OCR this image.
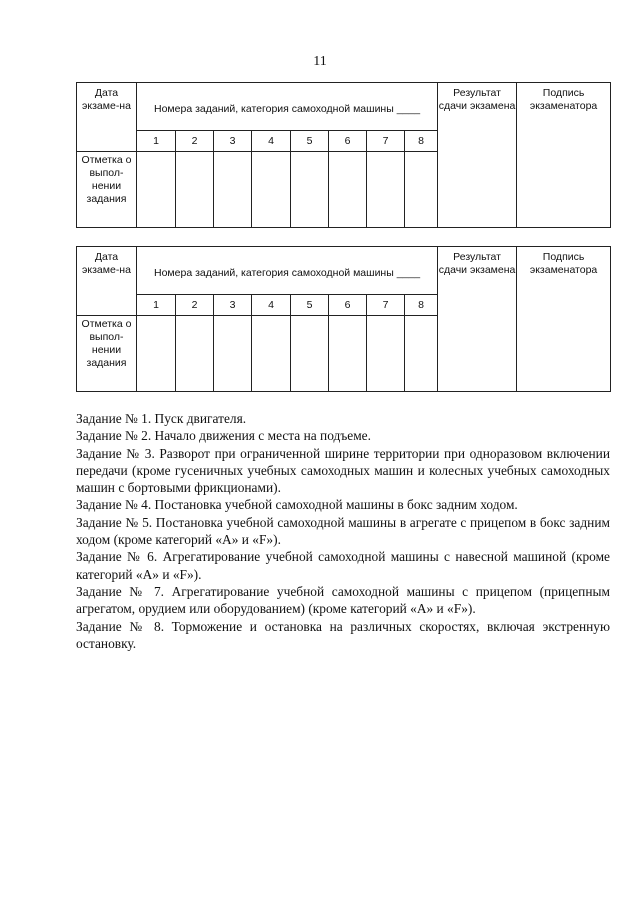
11
Дата экзаме-на	Номера заданий, категория самоходной машины ____								Результат сдачи экзамена	Подпись экзаменатора
	1	2	3	4	5	6	7	8		
Отметка о выпол-нении задания										
Дата экзаме-на	Номера заданий, категория самоходной машины ____								Результат сдачи экзамена	Подпись экзаменатора
	1	2	3	4	5	6	7	8		
Отметка о выпол-нении задания										

Задание № 1. Пуск двигателя.

Задание № 2. Начало движения с места на подъеме.

Задание № 3. Разворот при ограниченной ширине территории при одноразовом включении передачи (кроме гусеничных учебных самоходных машин и колесных учебных самоходных машин с бортовыми фрикционами).

Задание № 4. Постановка учебной самоходной машины в бокс задним ходом.

Задание № 5. Постановка учебной самоходной машины в агрегате с прицепом в бокс задним ходом (кроме категорий «А» и «F»).

Задание № 6. Агрегатирование учебной самоходной машины с навесной машиной (кроме категорий «А» и «F»).

Задание № 7. Агрегатирование учебной самоходной машины с прицепом (прицепным агрегатом, орудием или оборудованием) (кроме категорий «А» и «F»).

Задание № 8. Торможение и остановка на различных скоростях, включая экстренную остановку.
